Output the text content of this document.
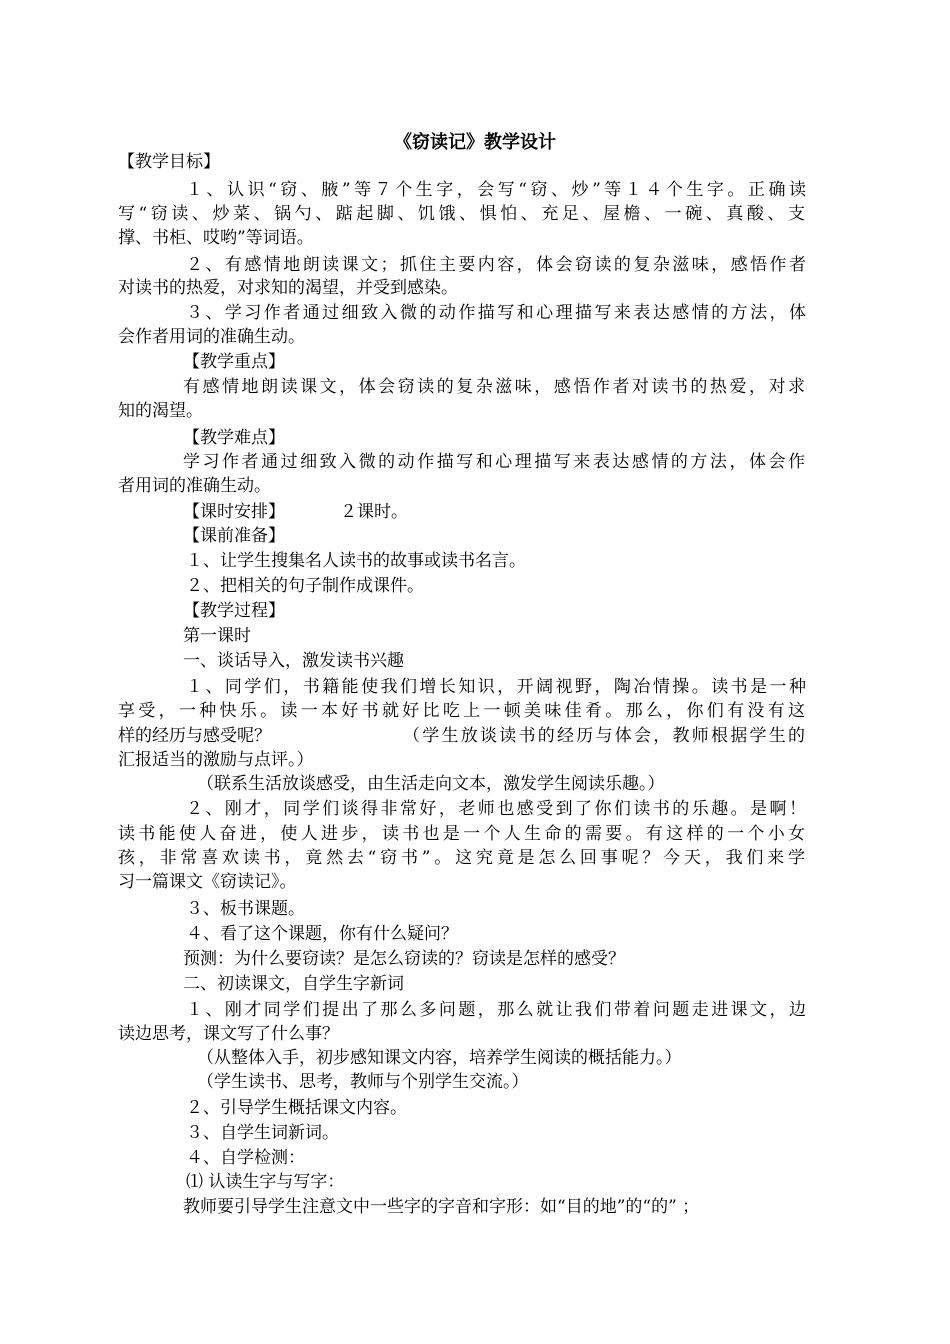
《窃读记》教学设计
【教学目标】
１、认识“窃、腋”等７个生字，会写“窃、炒”等１４个生字。正确读
写“窃读、炒菜、锅勺、踮起脚、饥饿、惧怕、充足、屋檐、一碗、真酸、支
撑、书柜、哎哟”等词语。
２、有感情地朗读课文；抓住主要内容，体会窃读的复杂滋味，感悟作者
对读书的热爱，对求知的渴望，并受到感染。
３、学习作者通过细致入微的动作描写和心理描写来表达感情的方法，体
会作者用词的准确生动。
【教学重点】
有感情地朗读课文，体会窃读的复杂滋味，感悟作者对读书的热爱，对求
知的渴望。
【教学难点】
学习作者通过细致入微的动作描写和心理描写来表达感情的方法，体会作
者用词的准确生动。
【课时安排】	２课时。
【课前准备】
１、让学生搜集名人读书的故事或读书名言。
２、把相关的句子制作成课件。
【教学过程】
第一课时
一、谈话导入，激发读书兴趣
１、同学们，书籍能使我们增长知识，开阔视野，陶冶情操。读书是一种
享受，一种快乐。读一本好书就好比吃上一顿美味佳肴。那么，你们有没有这
样的经历与感受呢？	（学生放谈读书的经历与体会，教师根据学生的
汇报适当的激励与点评。）
（联系生活放谈感受，由生活走向文本，激发学生阅读乐趣。）
２、刚才，同学们谈得非常好，老师也感受到了你们读书的乐趣。是啊！
读书能使人奋进，使人进步，读书也是一个人生命的需要。有这样的一个小女
孩，非常喜欢读书，竟然去“窃书”。这究竟是怎么回事呢？今天，我们来学
习一篇课文《窃读记》。
３、板书课题。
４、看了这个课题，你有什么疑问？
预测：为什么要窃读？是怎么窃读的？窃读是怎样的感受？
二、初读课文，自学生字新词
１、刚才同学们提出了那么多问题，那么就让我们带着问题走进课文，边
读边思考，课文写了什么事？
（从整体入手，初步感知课文内容，培养学生阅读的概括能力。）
（学生读书、思考，教师与个别学生交流。）
２、引导学生概括课文内容。
３、自学生词新词。
４、自学检测：
⑴ 认读生字与写字：
教师要引导学生注意文中一些字的字音和字形：如“目的地”的“的” ；
